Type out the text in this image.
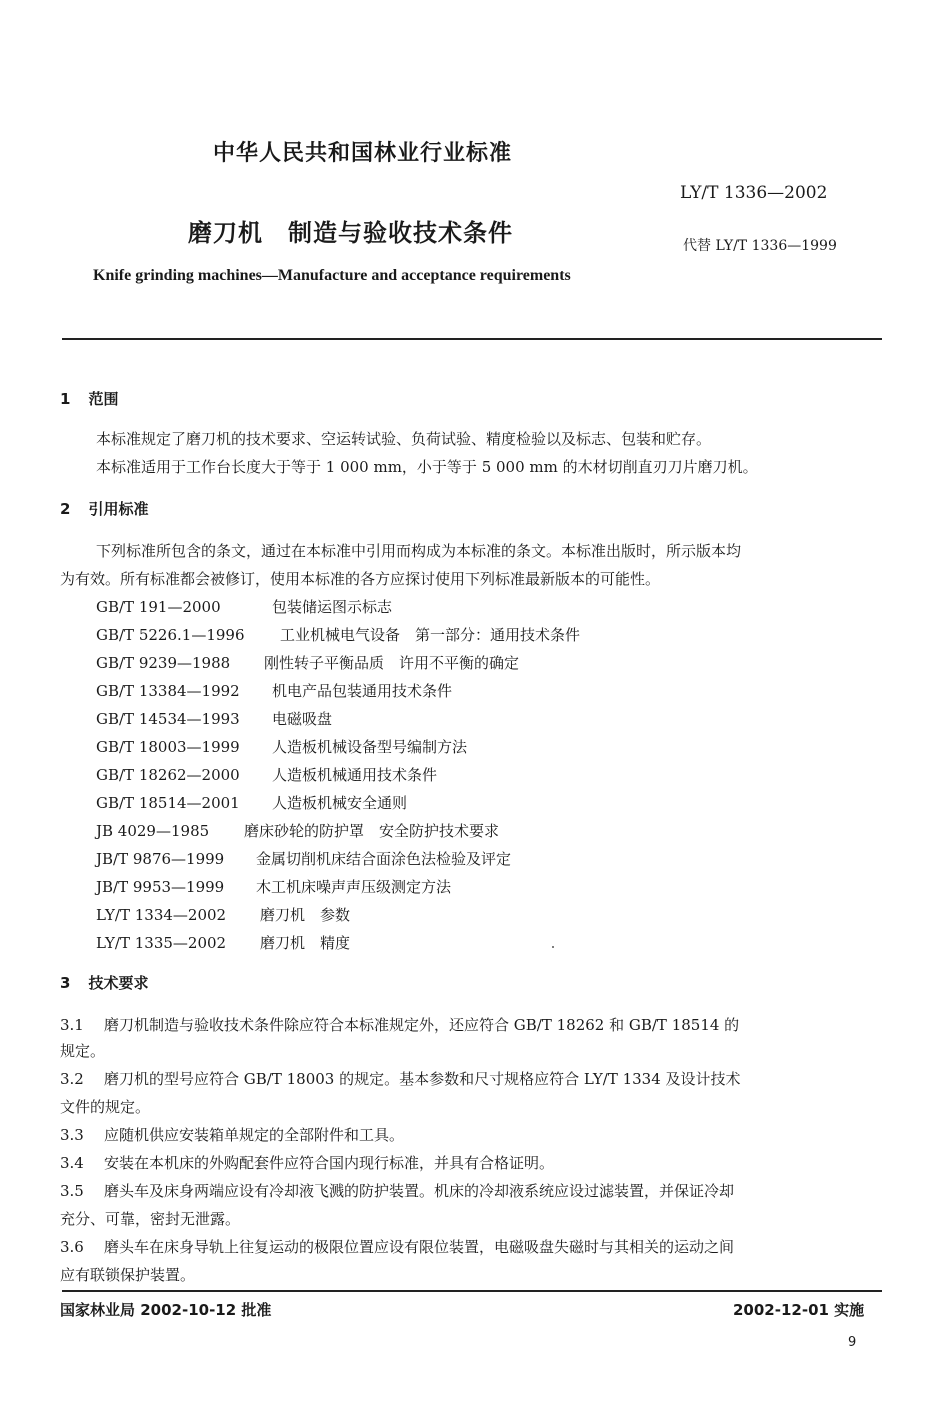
中华人民共和国林业行业标准
LY/T 1336—2002
磨刀机　制造与验收技术条件	代替 LY/T 1336—1999
Knife grinding machines—Manufacture and acceptance requirements
1 范围
本标准规定了磨刀机的技术要求、空运转试验、负荷试验、精度检验以及标志、包装和贮存。
本标准适用于工作台长度大于等于 1 000 mm，小于等于 5 000 mm 的木材切削直刃刀片磨刀机。
2 引用标准
下列标准所包含的条文，通过在本标准中引用而构成为本标准的条文。本标准出版时，所示版本均
为有效。所有标准都会被修订，使用本标准的各方应探讨使用下列标准最新版本的可能性。
GB/T 191—2000	包装储运图示标志
GB/T 5226.1—1996 工业机械电气设备　第一部分：通用技术条件
GB/T 9239—1988 刚性转子平衡品质　许用不平衡的确定
GB/T 13384—1992 机电产品包装通用技术条件
GB/T 14534—1993 电磁吸盘
GB/T 18003—1999 人造板机械设备型号编制方法
GB/T 18262—2000 人造板机械通用技术条件
GB/T 18514—2001 人造板机械安全通则
JB 4029—1985 磨床砂轮的防护罩　安全防护技术要求
JB/T 9876—1999 金属切削机床结合面涂色法检验及评定
JB/T 9953—1999 木工机床噪声声压级测定方法
LY/T 1334—2002 磨刀机　参数
LY/T 1335—2002 磨刀机　精度
3 技术要求
3.1 磨刀机制造与验收技术条件除应符合本标准规定外，还应符合 GB/T 18262 和 GB/T 18514 的
规定。
3.2 磨刀机的型号应符合 GB/T 18003 的规定。基本参数和尺寸规格应符合 LY/T 1334 及设计技术
文件的规定。
3.3 应随机供应安装箱单规定的全部附件和工具。
3.4 安装在本机床的外购配套件应符合国内现行标准，并具有合格证明。
3.5 磨头车及床身两端应设有冷却液飞溅的防护装置。机床的冷却液系统应设过滤装置，并保证冷却
充分、可靠，密封无泄露。
3.6 磨头车在床身导轨上往复运动的极限位置应设有限位装置，电磁吸盘失磁时与其相关的运动之间
应有联锁保护装置。
国家林业局 2002-10-12 批准	2002-12-01 实施
9
